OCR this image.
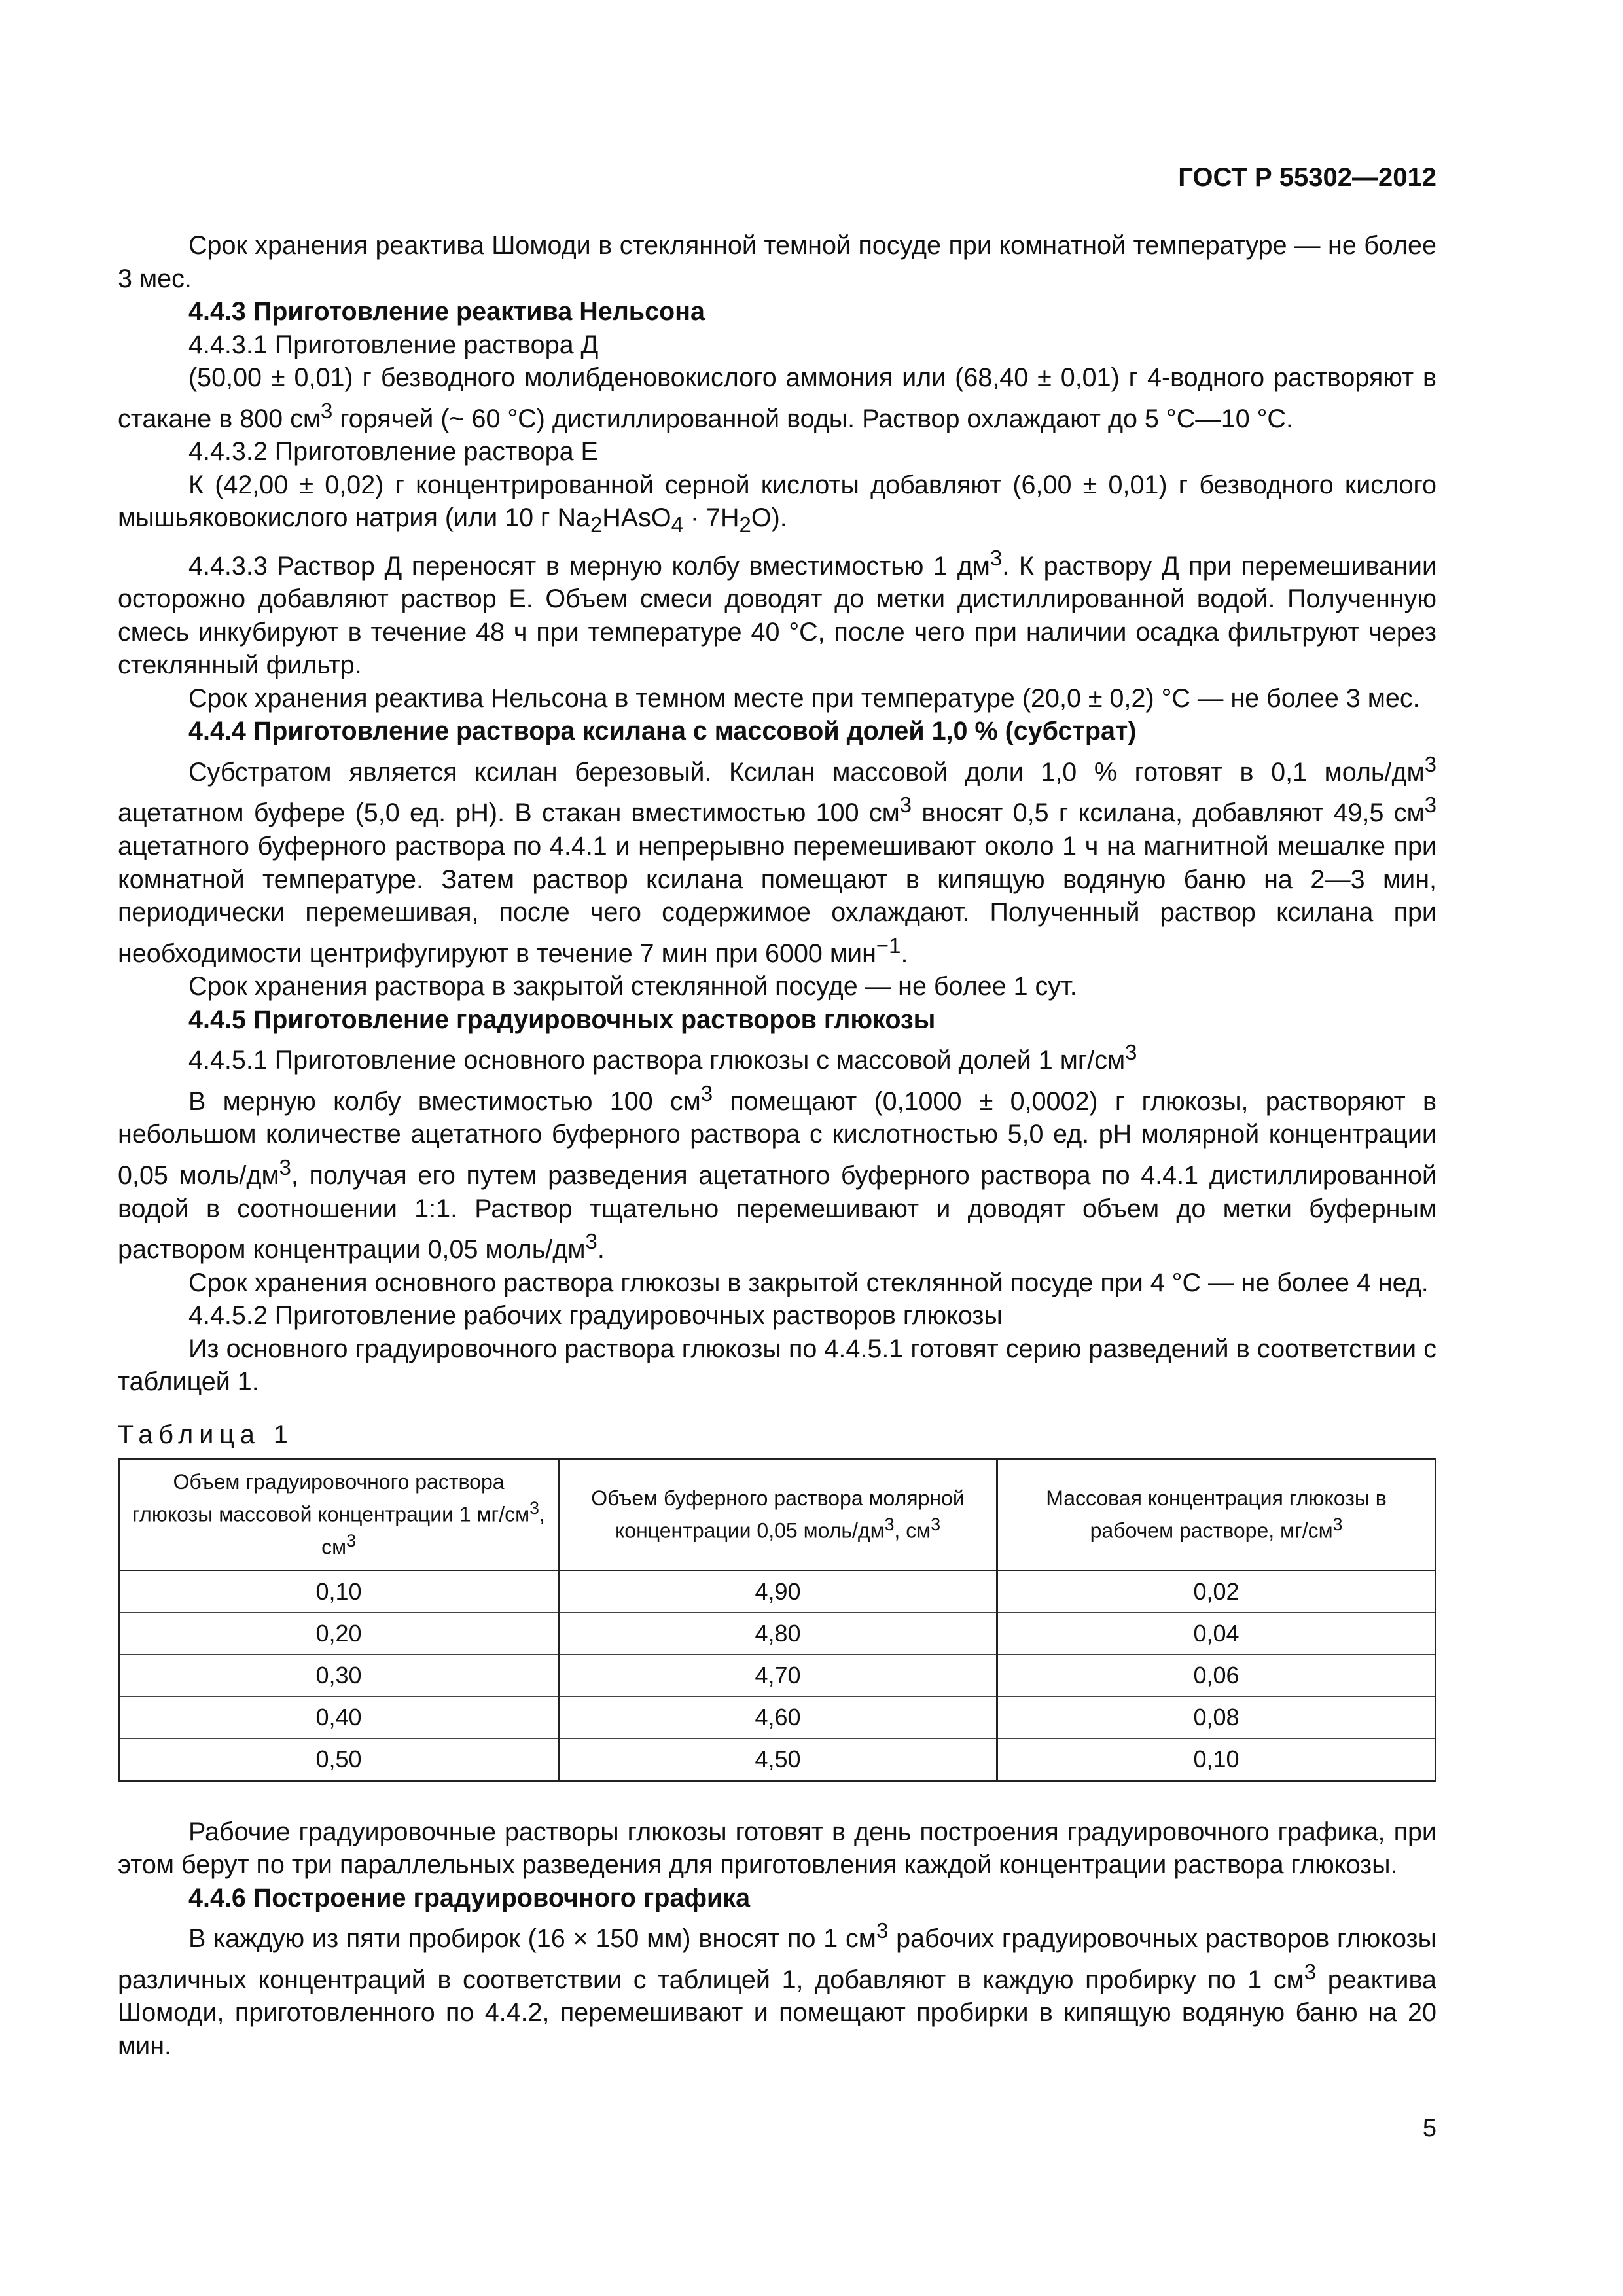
ГОСТ Р 55302—2012

Срок хранения реактива Шомоди в стеклянной темной посуде при комнатной температуре — не более 3 мес.

4.4.3 Приготовление реактива Нельсона

4.4.3.1 Приготовление раствора Д

(50,00 ± 0,01) г безводного молибденовокислого аммония или (68,40 ± 0,01) г 4-водного растворяют в стакане в 800 $см^3$ горячей (~ 60 °С) дистиллированной воды. Раствор охлаждают до 5 °С—10 °С.

4.4.3.2 Приготовление раствора Е

К (42,00 ± 0,02) г концентрированной серной кислоты добавляют (6,00 ± 0,01) г безводного кислого мышьяковокислого натрия (или 10 г $Na_2HAsO_4 \cdot 7H_2O$).

4.4.3.3 Раствор Д переносят в мерную колбу вместимостью 1 $дм^3$. К раствору Д при перемешивании осторожно добавляют раствор Е. Объем смеси доводят до метки дистиллированной водой. Полученную смесь инкубируют в течение 48 ч при температуре 40 °С, после чего при наличии осадка фильтруют через стеклянный фильтр.

Срок хранения реактива Нельсона в темном месте при температуре (20,0 ± 0,2) °С — не более 3 мес.

4.4.4 Приготовление раствора ксилана с массовой долей 1,0 % (субстрат)

Субстратом является ксилан березовый. Ксилан массовой доли 1,0 % готовят в 0,1 моль/$дм^3$ ацетатном буфере (5,0 ед. pH). В стакан вместимостью 100 $см^3$ вносят 0,5 г ксилана, добавляют 49,5 $см^3$ ацетатного буферного раствора по 4.4.1 и непрерывно перемешивают около 1 ч на магнитной мешалке при комнатной температуре. Затем раствор ксилана помещают в кипящую водяную баню на 2—3 мин, периодически перемешивая, после чего содержимое охлаждают. Полученный раствор ксилана при необходимости центрифугируют в течение 7 мин при 6000 мин$^{-1}$.

Срок хранения раствора в закрытой стеклянной посуде — не более 1 сут.

4.4.5 Приготовление градуировочных растворов глюкозы

4.4.5.1 Приготовление основного раствора глюкозы с массовой долей 1 $мг/см^3$

В мерную колбу вместимостью 100 $см^3$ помещают (0,1000 ± 0,0002) г глюкозы, растворяют в небольшом количестве ацетатного буферного раствора с кислотностью 5,0 ед. pH молярной концентрации 0,05 моль/$дм^3$, получая его путем разведения ацетатного буферного раствора по 4.4.1 дистиллированной водой в соотношении 1:1. Раствор тщательно перемешивают и доводят объем до метки буферным раствором концентрации 0,05 моль/$дм^3$.

Срок хранения основного раствора глюкозы в закрытой стеклянной посуде при 4 °С — не более 4 нед.

4.4.5.2 Приготовление рабочих градуировочных растворов глюкозы

Из основного градуировочного раствора глюкозы по 4.4.5.1 готовят серию разведений в соответствии с таблицей 1.

Таблица 1

Объем градуировочного раствора глюкозы массовой концентрации 1 $мг/см^3$, $см^3$	Объем буферного раствора молярной концентрации 0,05 моль/$дм^3$, $см^3$	Массовая концентрация глюкозы в рабочем растворе, $мг/см^3$
0,10	4,90	0,02
0,20	4,80	0,04
0,30	4,70	0,06
0,40	4,60	0,08
0,50	4,50	0,10

Рабочие градуировочные растворы глюкозы готовят в день построения градуировочного графика, при этом берут по три параллельных разведения для приготовления каждой концентрации раствора глюкозы.

4.4.6 Построение градуировочного графика

В каждую из пяти пробирок (16 × 150 мм) вносят по 1 $см^3$ рабочих градуировочных растворов глюкозы различных концентраций в соответствии с таблицей 1, добавляют в каждую пробирку по 1 $см^3$ реактива Шомоди, приготовленного по 4.4.2, перемешивают и помещают пробирки в кипящую водяную баню на 20 мин.

5
